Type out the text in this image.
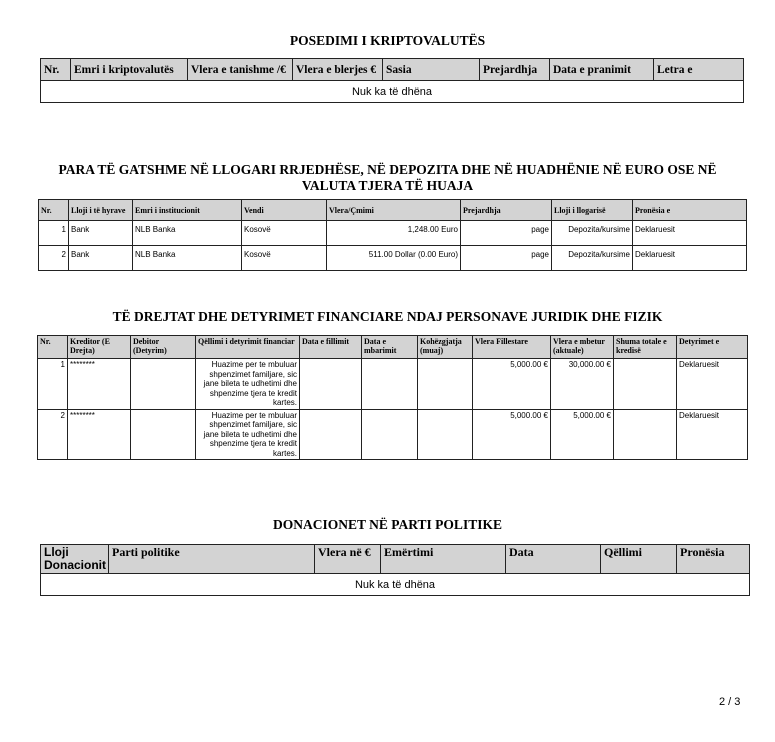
POSEDIMI I KRIPTOVALUTËS
Nr.	Emri i kriptovalutës	Vlera e tanishme /€	Vlera e blerjes €	Sasia	Prejardhja	Data e pranimit	Letra e
Nuk ka të dhëna
PARA TË GATSHME NË LLOGARI RRJEDHËSE, NË DEPOZITA DHE NË HUADHËNIE NË EURO OSE NË
VALUTA TJERA TË HUAJA
Nr.	Lloji i të hyrave	Emri i institucionit	Vendi	Vlera/Çmimi	Prejardhja	Lloji i llogarisë	Pronësia e
1	Bank	NLB Banka	Kosovë	1,248.00 Euro	page	Depozita/kursime	Deklaruesit
2	Bank	NLB Banka	Kosovë	511.00 Dollar (0.00 Euro)	page	Depozita/kursime	Deklaruesit
TË DREJTAT DHE DETYRIMET FINANCIARE NDAJ PERSONAVE JURIDIK DHE FIZIK
Nr.	Kreditor (E Drejta)	Debitor (Detyrim)	Qëllimi i detyrimit financiar	Data e fillimit	Data e mbarimit	Kohëzgjatja (muaj)	Vlera Fillestare	Vlera e mbetur (aktuale)	Shuma totale e kredisë	Detyrimet e
1	********		Huazime per te mbuluar shpenzimet familjare, sic jane bileta te udhetimi dhe shpenzime tjera te kredit kartes.				5,000.00 €	30,000.00 €		Deklaruesit
2	********		Huazime per te mbuluar shpenzimet familjare, sic jane bileta te udhetimi dhe shpenzime tjera te kredit kartes.				5,000.00 €	5,000.00 €		Deklaruesit
DONACIONET NË PARTI POLITIKE
Lloji Donacionit	Parti politike	Vlera në €	Emërtimi	Data	Qëllimi	Pronësia
Nuk ka të dhëna
2 / 3
